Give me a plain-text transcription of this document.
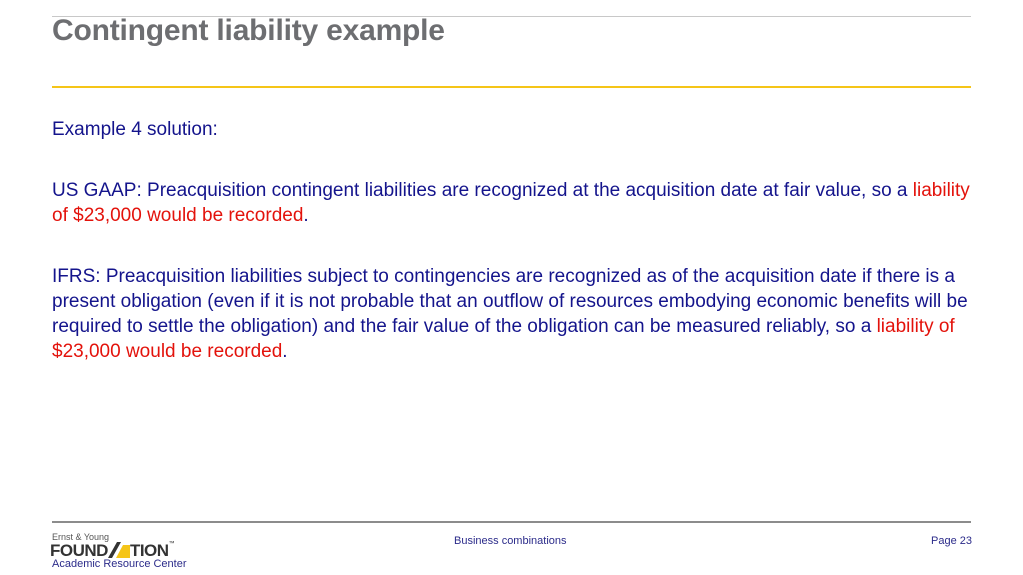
Contingent liability example

Example 4 solution:

US GAAP: Preacquisition contingent liabilities are recognized at the acquisition date at fair value, so a liability of $23,000 would be recorded.

IFRS: Preacquisition liabilities subject to contingencies are recognized as of the acquisition date if there is a present obligation (even if it is not probable that an outflow of resources embodying economic benefits will be required to settle the obligation) and the fair value of the obligation can be measured reliably, so a liability of $23,000 would be recorded.

Ernst & Young
FOUND TION™
Academic Resource Center
Business combinations	Page 23
